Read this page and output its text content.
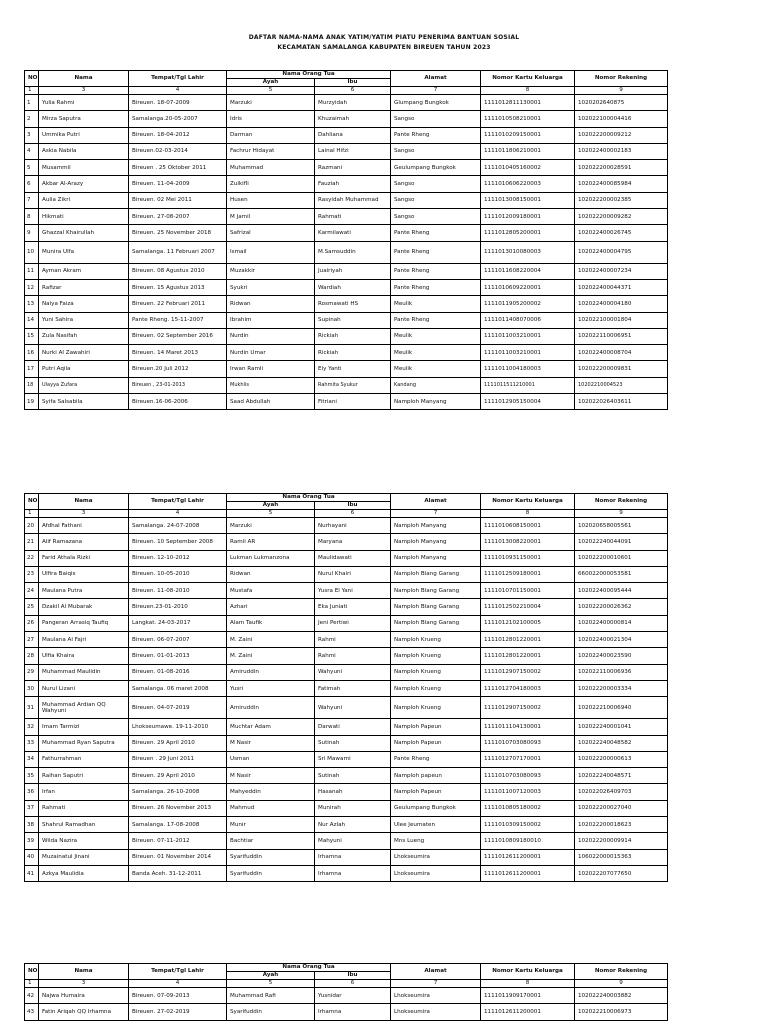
DAFTAR NAMA-NAMA ANAK YATIM/YATIM PIATU PENERIMA BANTUAN SOSIAL
KECAMATAN SAMALANGA KABUPATEN BIREUEN TAHUN 2023
NO	Nama	Tempat/Tgl Lahir	Nama Orang Tua		Alamat	Nomor Kartu Keluarga	Nomor Rekening
			Ayah	Ibu			
1	3	4	5	6	7	8	9
1	Yulia Rahmi	Bireuen. 18-07-2009	Marzuki	Murzyidah	Glumpang Bungkok	1111012811130001	1020202640875
2	Mirza Saputra	Samalanga.20-05-2007	Idris	Khuzaimah	Sangso	1111010508210001	102022100004416
3	Ummika Putri	Bireuen. 18-04-2012	Darman	Dahliana	Pante Rheng	1111010209150001	102022200009212
4	Askia Nabila	Bireuen.02-03-2014	Fachrur Hidayat	Lainal Hifzi	Sangso	1111011806210001	102022400002183
5	Musammil	Bireuen . 25 Oktober 2011	Muhammad	Razmani	Geulumpang Bungkok	1111010405160002	102022200028591
6	Akbar Al-Arazy	Bireuen. 11-04-2009	Zulkifli	Fauziah	Sangso	1111010606220003	102022400085984
7	Aulia Zikri	Bireuen. 02 Mei 2011	Husen	Rasyidah Muhammad	Sangso	1111013008150001	102022200002385
8	Hikmati	Bireuen. 27-08-2007	M Jamil	Rahmati	Sangso	1111012009180001	102022200009282
9	Ghazzal Khairullah	Bireuen. 25 November 2018	Safrizal	Karmilawati	Pante Rheng	1111012805200001	102022400026745
10	Munira Ulfa	Samalanga. 11 Februari 2007	Ismail	M.Samsuddin	Pante Rheng	1111013010080003	102022400004795
11	Ayman Akram	Bireuen. 08 Agustus 2010	Muzakkir	Juairiyah	Pante Rheng	1111011608220004	102022400007234
12	Rafizar	Bireuen. 15 Agustus 2013	Syukri	Wardiah	Pante Rheng	1111010609220001	102022400044371
13	Naiya Faiza	Bireuen. 22 Februari 2011	Ridwan	Rosmawati HS	Meulik	1111011905200002	102022400004180
14	Yuni Sahira	Pante Rheng. 15-11-2007	Ibrahim	Supinah	Pante Rheng	1111011408070006	102022100001804
15	Zula Nasifah	Bireuen. 02 September 2016	Nurdin	Rickiah	Meulik	1111011003210001	102022110006951
16	Nurki Al Zawahiri	Bireuen. 14 Maret 2013	Nurdin Umar	Rickiah	Meulik	1111011003210001	102022400008704
17	Putri Aqila	Bireuen.20 Juli 2012	Irwan Ramli	Ely Yanti	Meulik	1111011004180003	102022200009831
18	Ulayya Zufara	Bireuen , 23-01-2013	Mukhlis	Rahmita Syukur	Kandang	1111011511210001	10202210004523
19	Syifa Salsabila	Bireuen.16-06-2006	Saad Abdullah	Fitriani	Namploh Manyang	1111012905150004	102022026403611
NO	Nama	Tempat/Tgl Lahir	Nama Orang Tua		Alamat	Nomor Kartu Keluarga	Nomor Rekening
			Ayah	Ibu			
1	3	4	5	6	7	8	9
20	Afdhal Fathani	Samalanga. 24-07-2008	Marzuki	Nurhayani	Namploh Manyang	1111010608150001	102020658005561
21	Alif Ramazana	Bireuen. 10 September 2008	Ramli AR	Maryana	Namploh Manyang	1111013008220001	102022240044091
22	Farid Athala Rizki	Bireuen. 12-10-2012	Lukman Lukmanzona	Maulidawati	Namploh Manyang	1111010931150001	102022200010601
23	Ulfira Baiqis	Bireuen. 10-05-2010	Ridwan	Nurul Khairi	Namploh Blang Garang	1111012509180001	660022000053581
24	Maulana Putra	Bireuen. 11-08-2010	Mustafa	Yusra El Yani	Namploh Blang Garang	1111010701150001	102022400095444
25	Dzakil Al Mubarak	Bireuen.23-01-2010	Azhari	Eka Juniati	Namploh Blang Garang	1111012502210004	102022200026362
26	Pangeran Arrasiq Taufiq	Langkat. 24-03-2017	Alam Taufik	Jeni Pertiwi	Namploh Blang Garang	1111012102100005	102022400000814
27	Maulana Al Fajri	Bireuen. 06-07-2007	M. Zaini	Rahmi	Namploh Krueng	1111012801220001	102022400021304
28	Ulfia Khaira	Bireuen. 01-01-2013	M. Zaini	Rahmi	Namploh Krueng	1111012801220001	102022400023590
29	Muhammad Maulidin	Bireuen. 01-08-2016	Amiruddin	Wahyuni	Namploh Krueng	1111012907150002	102022110006936
30	Nurul Lizani	Samalanga. 06 maret 2008	Yusri	Fatimah	Namploh Krueng	1111012704180003	102022200003334
31	Muhammad Ardian QQ Wahyuni	Bireuen. 04-07-2019	Amiruddin	Wahyuni	Namploh Krueng	1111012907150002	102022210006940
32	Imam Tarmizi	Lhokseumawe. 19-11-2010	Muchtar Adam	Darwati	Namploh Papeun	1111011104130001	102022240001041
33	Muhammad Ryan Saputra	Bireuen. 29 April 2010	M Nasir	Sutinah	Namploh Papeun	1111010703080093	102022240048582
34	Fathurrahman	Bireuen . 29 Juni 2011	Usman	Sri Mawarni	Pante Rheng	1111012707170001	102022200000613
35	Raihan Saputri	Bireuen. 29 April 2010	M Nasir	Sutinah	Namploh papeun	1111010703080093	102022240048571
36	Irfan	Samalanga. 26-10-2008	Mahyeddin	Hasanah	Namploh Papeun	1111011007120003	102022026409703
37	Rahmati	Bireuen. 26 November 2013	Mahmud	Munirah	Geulumpang Bungkok	1111010805180002	102022200027040
38	Shahrul Ramadhan	Samalanga. 17-08-2008	Munir	Nur Azlah	Ulee Jeumaten	1111010309150002	102022200018623
39	Wilda Nazira	Bireuen. 07-11-2012	Bachtiar	Mahyuni	Mns Lueng	1111010809180010	102022200009914
40	Muzainatul Jinani	Bireuen. 01 November 2014	Syarifuddin	Irhamna	Lhokseumira	1111012611200001	106022000015363
41	Azkya Maulidia	Banda Aceh. 31-12-2011	Syarifuddin	Irhamna	Lhokseumira	1111012611200001	102022207077650
NO	Nama	Tempat/Tgl Lahir	Nama Orang Tua		Alamat	Nomor Kartu Keluarga	Nomor Rekening
			Ayah	Ibu			
1	3	4	5	6	7	8	9
42	Najwa Humaira	Bireuen. 07-09-2013	Muhammad Rafi	Yusnidar	Lhokseumira	1111011909170001	102022240003882
43	Fatin Ariqah QQ Irhamna	Bireuen. 27-02-2019	Syarifuddin	Irhamna	Lhokseumira	1111012611200001	102022210006973
